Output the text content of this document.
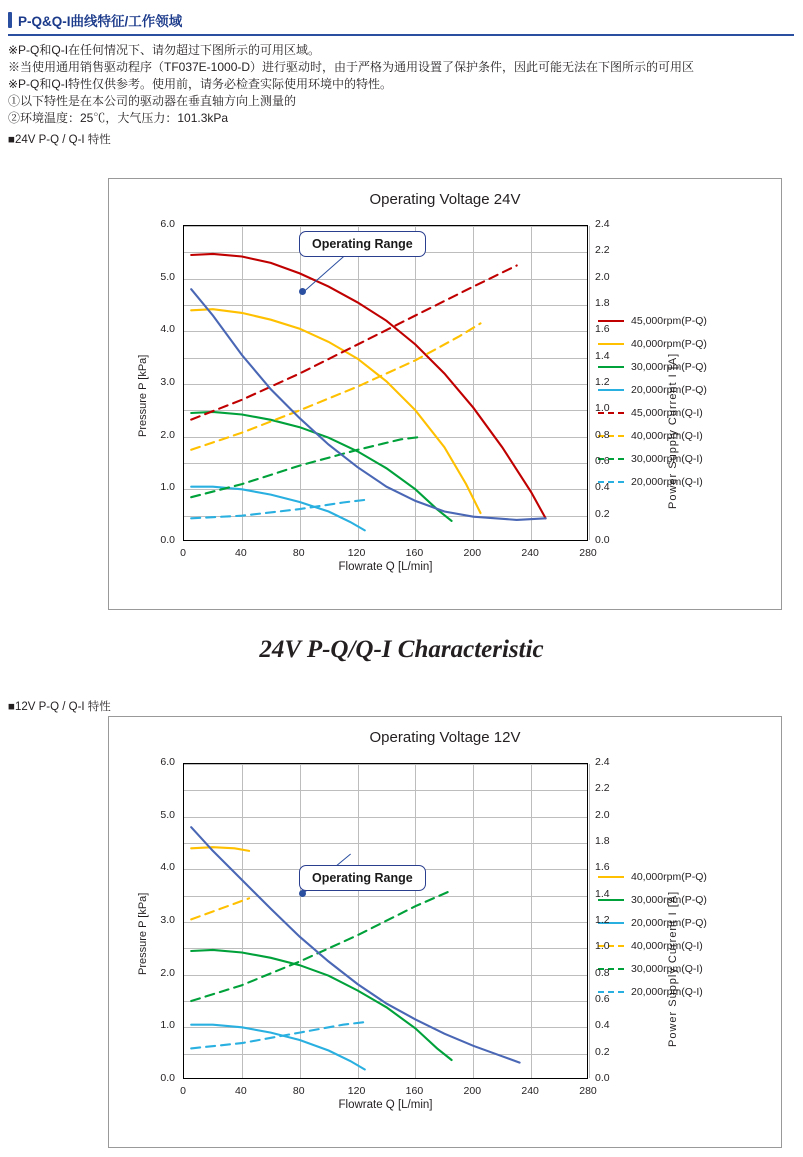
P-Q&Q-I曲线特征/工作领域
※P-Q和Q-I在任何情况下、请勿超过下图所示的可用区域。
※当使用通用销售驱动程序（TF037E-1000-D）进行驱动时，由于严格为通用设置了保护条件，因此可能无法在下图所示的可用区
※P-Q和Q-I特性仅供参考。使用前，请务必检查实际使用环境中的特性。
①以下特性是在本公司的驱动器在垂直轴方向上测量的
②环境温度：25℃，大气压力：101.3kPa
■24V P-Q / Q-I 特性
Operating Voltage 24V
Flowrate Q [L/min]
Pressure P [kPa]	Power Supply Current I [A]
45,000rpm(P-Q)
40,000rpm(P-Q)
30,000rpm(P-Q)
20,000rpm(P-Q)
45,000rpm(Q-I)
40,000rpm(Q-I)
30,000rpm(Q-I)
20,000rpm(Q-I)
Operating Range
0.0
1.0
2.0
3.0
4.0
5.0
6.0
0.0
0.2
0.4
0.6
0.8
1.0
1.2
1.4
1.6
1.8
2.0
2.2
2.4
0	40	80	120	160	200	240	280
24V P-Q/Q-I Characteristic
■12V P-Q / Q-I 特性
Operating Voltage 12V
Flowrate Q [L/min]
Pressure P [kPa]	Power Supply Current I [A]
40,000rpm(P-Q)
30,000rpm(P-Q)
20,000rpm(P-Q)
40,000rpm(Q-I)
30,000rpm(Q-I)
20,000rpm(Q-I)
Operating Range
0.0
1.0
2.0
3.0
4.0
5.0
6.0
0.0
0.2
0.4
0.6
0.8
1.0
1.2
1.4
1.6
1.8
2.0
2.2
2.4
0	40	80	120	160	200	240	280
